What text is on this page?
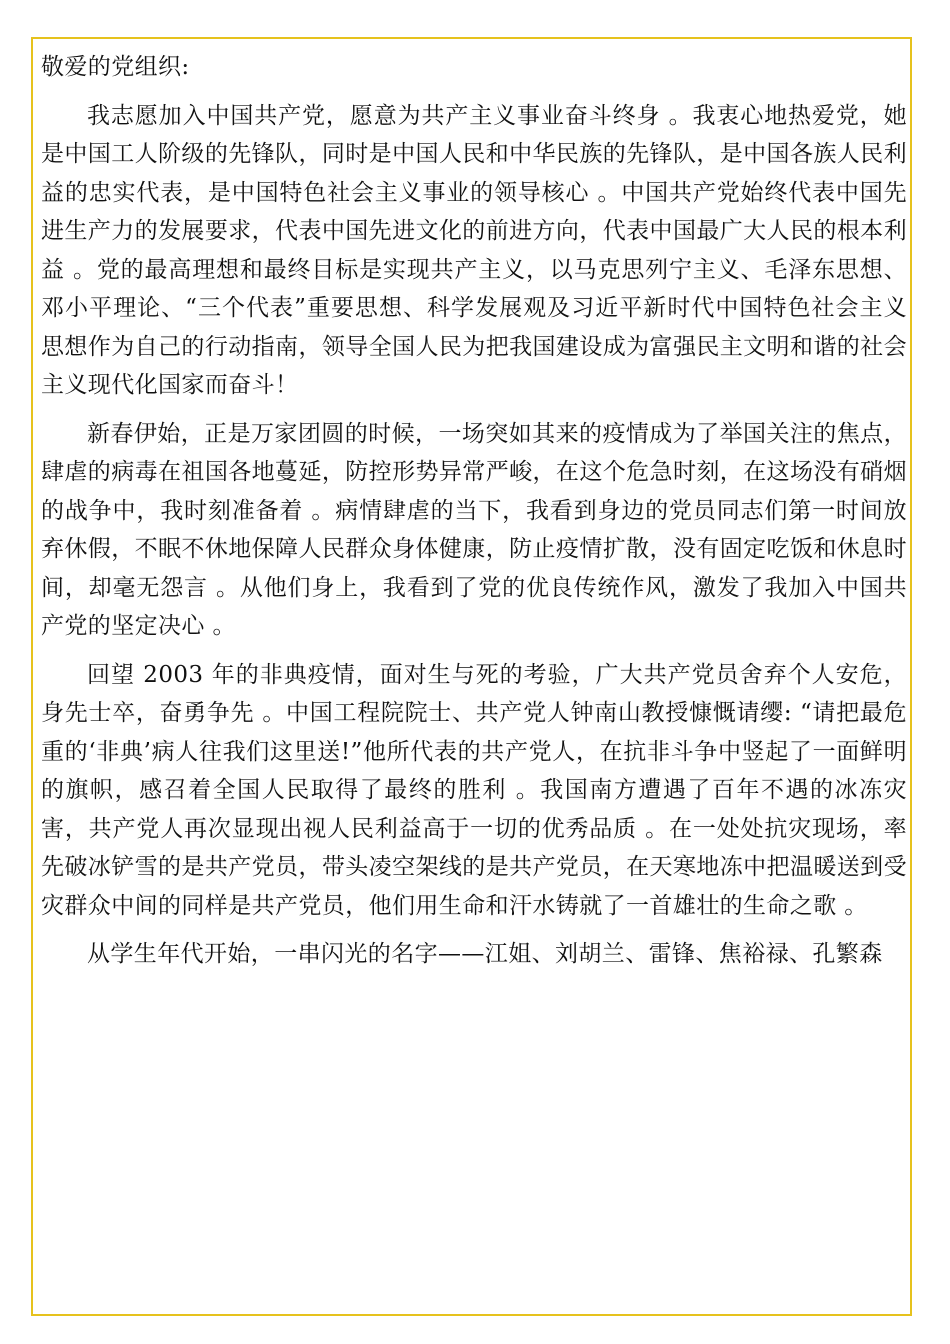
敬爱的党组织:

我志愿加入中国共产党，愿意为共产主义事业奋斗终身 。我衷心地热爱党，她是中国工人阶级的先锋队，同时是中国人民和中华民族的先锋队，是中国各族人民利益的忠实代表，是中国特色社会主义事业的领导核心 。中国共产党始终代表中国先进生产力的发展要求，代表中国先进文化的前进方向，代表中国最广大人民的根本利益 。党的最高理想和最终目标是实现共产主义，以马克思列宁主义、毛泽东思想、邓小平理论、“三个代表”重要思想、科学发展观及习近平新时代中国特色社会主义思想作为自己的行动指南，领导全国人民为把我国建设成为富强民主文明和谐的社会主义现代化国家而奋斗！

新春伊始，正是万家团圆的时候，一场突如其来的疫情成为了举国关注的焦点，肆虐的病毒在祖国各地蔓延，防控形势异常严峻，在这个危急时刻，在这场没有硝烟的战争中，我时刻准备着 。病情肆虐的当下，我看到身边的党员同志们第一时间放弃休假，不眠不休地保障人民群众身体健康，防止疫情扩散，没有固定吃饭和休息时间，却毫无怨言 。从他们身上，我看到了党的优良传统作风，激发了我加入中国共产党的坚定决心 。

回望 2003 年的非典疫情，面对生与死的考验，广大共产党员舍弃个人安危，身先士卒，奋勇争先 。中国工程院院士、共产党人钟南山教授慷慨请缨: “请把最危重的‘非典’病人往我们这里送!”他所代表的共产党人，在抗非斗争中竖起了一面鲜明的旗帜，感召着全国人民取得了最终的胜利 。我国南方遭遇了百年不遇的冰冻灾害，共产党人再次显现出视人民利益高于一切的优秀品质 。在一处处抗灾现场，率先破冰铲雪的是共产党员，带头凌空架线的是共产党员，在天寒地冻中把温暖送到受灾群众中间的同样是共产党员，他们用生命和汗水铸就了一首雄壮的生命之歌 。

从学生年代开始，一串闪光的名字——江姐、刘胡兰、雷锋、焦裕禄、孔繁森
